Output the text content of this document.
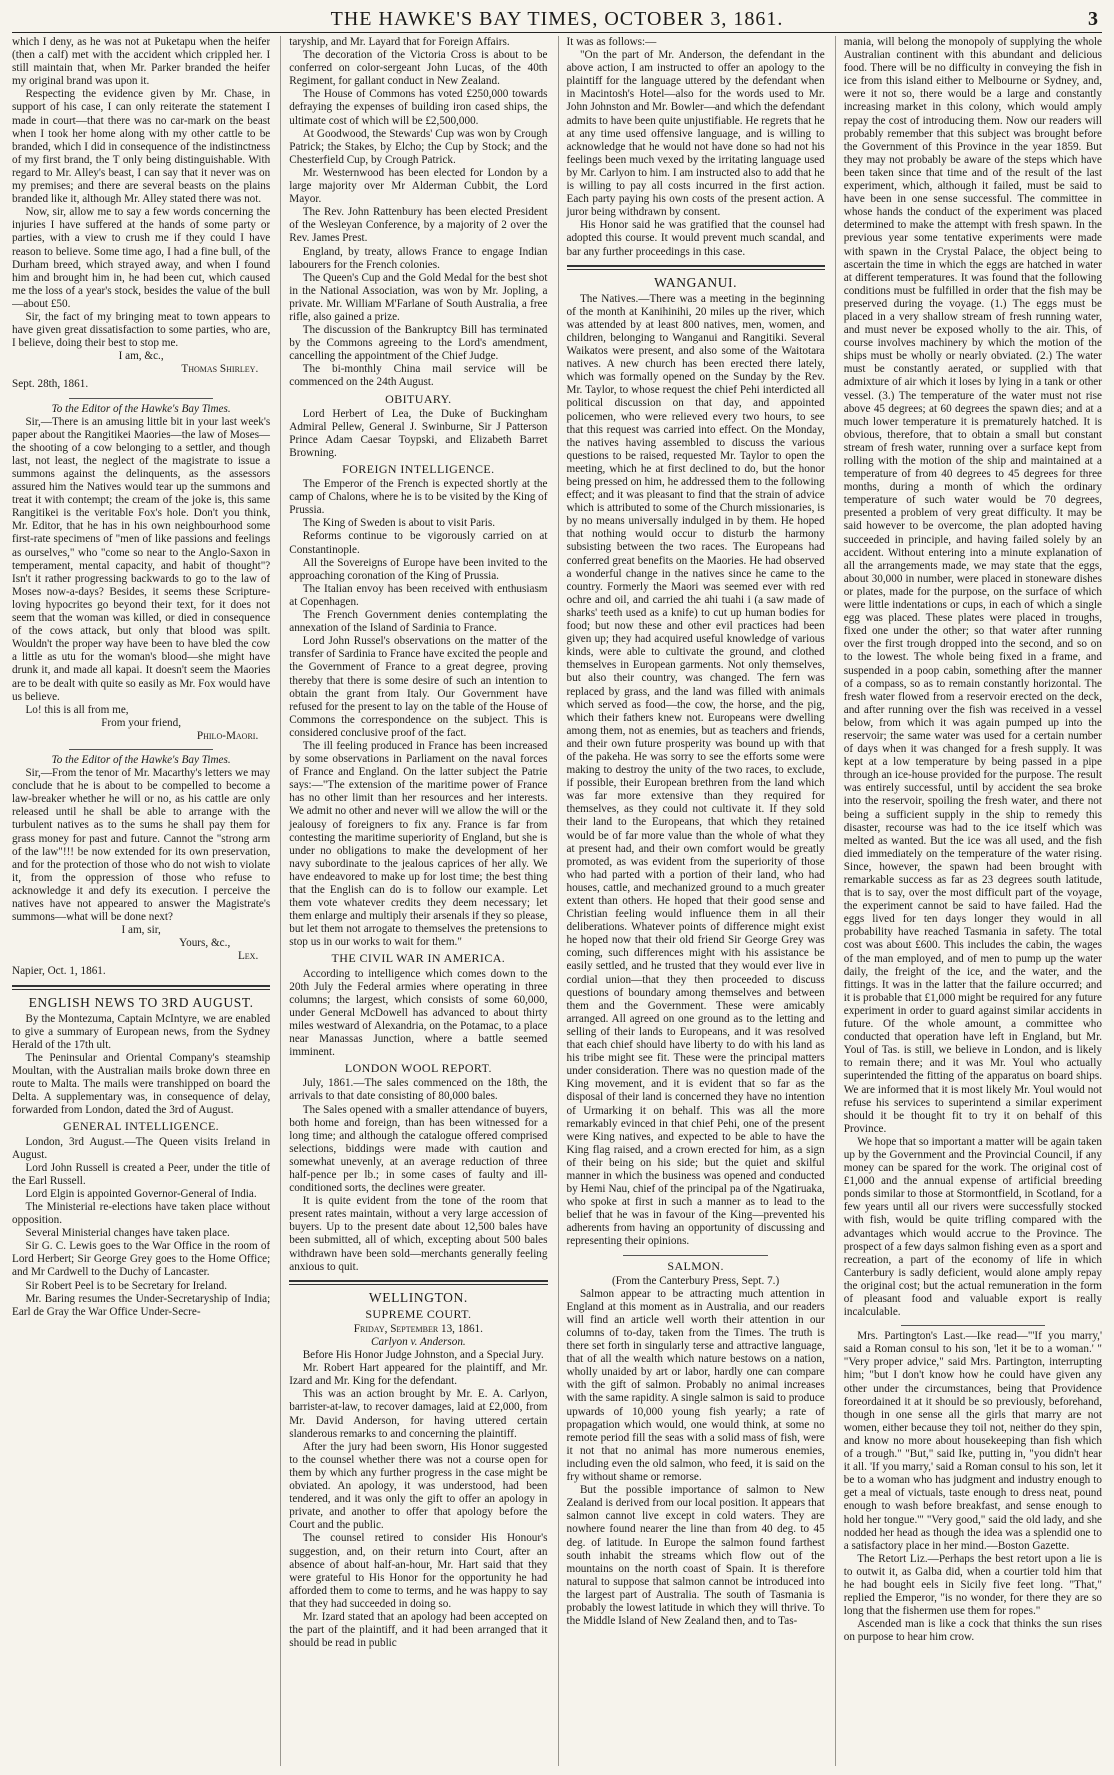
THE HAWKE'S BAY TIMES, OCTOBER 3, 1861.	3

which I deny, as he was not at Puketapu when the heifer (then a calf) met with the accident which crippled her. I still maintain that, when Mr. Parker branded the heifer my original brand was upon it.

Respecting the evidence given by Mr. Chase, in support of his case, I can only reiterate the statement I made in court—that there was no car-mark on the beast when I took her home along with my other cattle to be branded, which I did in consequence of the indistinctness of my first brand, the T only being distinguishable. With regard to Mr. Alley's beast, I can say that it never was on my premises; and there are several beasts on the plains branded like it, although Mr. Alley stated there was not.

Now, sir, allow me to say a few words concerning the injuries I have suffered at the hands of some party or parties, with a view to crush me if they could I have reason to believe. Some time ago, I had a fine bull, of the Durham breed, which strayed away, and when I found him and brought him in, he had been cut, which caused me the loss of a year's stock, besides the value of the bull—about £50.

Sir, the fact of my bringing meat to town appears to have given great dissatisfaction to some parties, who are, I believe, doing their best to stop me.

I am, &c.,

Thomas Shirley.

Sept. 28th, 1861.

To the Editor of the Hawke's Bay Times.

Sir,—There is an amusing little bit in your last week's paper about the Rangitikei Maories—the law of Moses—the shooting of a cow belonging to a settler, and though last, not least, the neglect of the magistrate to issue a summons against the delinquents, as the assessors assured him the Natives would tear up the summons and treat it with contempt; the cream of the joke is, this same Rangitikei is the veritable Fox's hole. Don't you think, Mr. Editor, that he has in his own neighbourhood some first-rate specimens of "men of like passions and feelings as ourselves," who "come so near to the Anglo-Saxon in temperament, mental capacity, and habit of thought"? Isn't it rather progressing backwards to go to the law of Moses now-a-days? Besides, it seems these Scripture-loving hypocrites go beyond their text, for it does not seem that the woman was killed, or died in consequence of the cows attack, but only that blood was spilt. Wouldn't the proper way have been to have bled the cow a little as utu for the woman's blood—she might have drunk it, and made all kapai. It doesn't seem the Maories are to be dealt with quite so easily as Mr. Fox would have us believe.

Lo! this is all from me,

From your friend,

Philo-Maori.

To the Editor of the Hawke's Bay Times.

Sir,—From the tenor of Mr. Macarthy's letters we may conclude that he is about to be compelled to become a law-breaker whether he will or no, as his cattle are only released until he shall be able to arrange with the turbulent natives as to the sums he shall pay them for grass money for past and future. Cannot the "strong arm of the law"!!! be now extended for its own preservation, and for the protection of those who do not wish to violate it, from the oppression of those who refuse to acknowledge it and defy its execution. I perceive the natives have not appeared to answer the Magistrate's summons—what will be done next?

I am, sir,

Yours, &c.,

Lex.

Napier, Oct. 1, 1861.

ENGLISH NEWS TO 3RD AUGUST.

By the Montezuma, Captain McIntyre, we are enabled to give a summary of European news, from the Sydney Herald of the 17th ult.

The Peninsular and Oriental Company's steamship Moultan, with the Australian mails broke down three en route to Malta. The mails were transhipped on board the Delta. A supplementary was, in consequence of delay, forwarded from London, dated the 3rd of August.

GENERAL INTELLIGENCE.

London, 3rd August.—The Queen visits Ireland in August.

Lord John Russell is created a Peer, under the title of the Earl Russell.

Lord Elgin is appointed Governor-General of India.

The Ministerial re-elections have taken place without opposition.

Several Ministerial changes have taken place.

Sir G. C. Lewis goes to the War Office in the room of Lord Herbert; Sir George Grey goes to the Home Office; and Mr Cardwell to the Duchy of Lancaster.

Sir Robert Peel is to be Secretary for Ireland.

Mr. Baring resumes the Under-Secretaryship of India; Earl de Gray the War Office Under-Secre-

taryship, and Mr. Layard that for Foreign Affairs.

The decoration of the Victoria Cross is about to be conferred on color-sergeant John Lucas, of the 40th Regiment, for gallant conduct in New Zealand.

The House of Commons has voted £250,000 towards defraying the expenses of building iron cased ships, the ultimate cost of which will be £2,500,000.

At Goodwood, the Stewards' Cup was won by Crough Patrick; the Stakes, by Elcho; the Cup by Stock; and the Chesterfield Cup, by Crough Patrick.

Mr. Westernwood has been elected for London by a large majority over Mr Alderman Cubbit, the Lord Mayor.

The Rev. John Rattenbury has been elected President of the Wesleyan Conference, by a majority of 2 over the Rev. James Prest.

England, by treaty, allows France to engage Indian labourers for the French colonies.

The Queen's Cup and the Gold Medal for the best shot in the National Association, was won by Mr. Jopling, a private. Mr. William M'Farlane of South Australia, a free rifle, also gained a prize.

The discussion of the Bankruptcy Bill has terminated by the Commons agreeing to the Lord's amendment, cancelling the appointment of the Chief Judge.

The bi-monthly China mail service will be commenced on the 24th August.

OBITUARY.

Lord Herbert of Lea, the Duke of Buckingham Admiral Pellew, General J. Swinburne, Sir J Patterson Prince Adam Caesar Toypski, and Elizabeth Barret Browning.

FOREIGN INTELLIGENCE.

The Emperor of the French is expected shortly at the camp of Chalons, where he is to be visited by the King of Prussia.

The King of Sweden is about to visit Paris.

Reforms continue to be vigorously carried on at Constantinople.

All the Sovereigns of Europe have been invited to the approaching coronation of the King of Prussia.

The Italian envoy has been received with enthusiasm at Copenhagen.

The French Government denies contemplating the annexation of the Island of Sardinia to France.

Lord John Russel's observations on the matter of the transfer of Sardinia to France have excited the people and the Government of France to a great degree, proving thereby that there is some desire of such an intention to obtain the grant from Italy. Our Government have refused for the present to lay on the table of the House of Commons the correspondence on the subject. This is considered conclusive proof of the fact.

The ill feeling produced in France has been increased by some observations in Parliament on the naval forces of France and England. On the latter subject the Patrie says:—"The extension of the maritime power of France has no other limit than her resources and her interests. We admit no other and never will we allow the will or the jealousy of foreigners to fix any. France is far from contesting the maritime superiority of England, but she is under no obligations to make the development of her navy subordinate to the jealous caprices of her ally. We have endeavored to make up for lost time; the best thing that the English can do is to follow our example. Let them vote whatever credits they deem necessary; let them enlarge and multiply their arsenals if they so please, but let them not arrogate to themselves the pretensions to stop us in our works to wait for them."

THE CIVIL WAR IN AMERICA.

According to intelligence which comes down to the 20th July the Federal armies where operating in three columns; the largest, which consists of some 60,000, under General McDowell has advanced to about thirty miles westward of Alexandria, on the Potamac, to a place near Manassas Junction, where a battle seemed imminent.

LONDON WOOL REPORT.

July, 1861.—The sales commenced on the 18th, the arrivals to that date consisting of 80,000 bales.

The Sales opened with a smaller attendance of buyers, both home and foreign, than has been witnessed for a long time; and although the catalogue offered comprised selections, biddings were made with caution and somewhat unevenly, at an average reduction of three half-pence per lb.; in some cases of faulty and ill-conditioned sorts, the declines were greater.

It is quite evident from the tone of the room that present rates maintain, without a very large accession of buyers. Up to the present date about 12,500 bales have been submitted, all of which, excepting about 500 bales withdrawn have been sold—merchants generally feeling anxious to quit.

WELLINGTON.

SUPREME COURT.

Friday, September 13, 1861.

Carlyon v. Anderson.

Before His Honor Judge Johnston, and a Special Jury.

Mr. Robert Hart appeared for the plaintiff, and Mr. Izard and Mr. King for the defendant.

This was an action brought by Mr. E. A. Carlyon, barrister-at-law, to recover damages, laid at £2,000, from Mr. David Anderson, for having uttered certain slanderous remarks to and concerning the plaintiff.

After the jury had been sworn, His Honor suggested to the counsel whether there was not a course open for them by which any further progress in the case might be obviated. An apology, it was understood, had been tendered, and it was only the gift to offer an apology in private, and another to offer that apology before the Court and the public.

The counsel retired to consider His Honour's suggestion, and, on their return into Court, after an absence of about half-an-hour, Mr. Hart said that they were grateful to His Honor for the opportunity he had afforded them to come to terms, and he was happy to say that they had succeeded in doing so.

Mr. Izard stated that an apology had been accepted on the part of the plaintiff, and it had been arranged that it should be read in public

It was as follows:—

"On the part of Mr. Anderson, the defendant in the above action, I am instructed to offer an apology to the plaintiff for the language uttered by the defendant when in Macintosh's Hotel—also for the words used to Mr. John Johnston and Mr. Bowler—and which the defendant admits to have been quite unjustifiable. He regrets that he at any time used offensive language, and is willing to acknowledge that he would not have done so had not his feelings been much vexed by the irritating language used by Mr. Carlyon to him. I am instructed also to add that he is willing to pay all costs incurred in the first action. Each party paying his own costs of the present action. A juror being withdrawn by consent.

His Honor said he was gratified that the counsel had adopted this course. It would prevent much scandal, and bar any further proceedings in this case.

WANGANUI.

The Natives.—There was a meeting in the beginning of the month at Kanihinihi, 20 miles up the river, which was attended by at least 800 natives, men, women, and children, belonging to Wanganui and Rangitiki. Several Waikatos were present, and also some of the Waitotara natives. A new church has been erected there lately, which was formally opened on the Sunday by the Rev. Mr. Taylor, to whose request the chief Pehi interdicted all political discussion on that day, and appointed policemen, who were relieved every two hours, to see that this request was carried into effect. On the Monday, the natives having assembled to discuss the various questions to be raised, requested Mr. Taylor to open the meeting, which he at first declined to do, but the honor being pressed on him, he addressed them to the following effect; and it was pleasant to find that the strain of advice which is attributed to some of the Church missionaries, is by no means universally indulged in by them. He hoped that nothing would occur to disturb the harmony subsisting between the two races. The Europeans had conferred great benefits on the Maories. He had observed a wonderful change in the natives since he came to the country. Formerly the Maori was seemed ever with red ochre and oil, and carried the ahi tuahi i (a saw made of sharks' teeth used as a knife) to cut up human bodies for food; but now these and other evil practices had been given up; they had acquired useful knowledge of various kinds, were able to cultivate the ground, and clothed themselves in European garments. Not only themselves, but also their country, was changed. The fern was replaced by grass, and the land was filled with animals which served as food—the cow, the horse, and the pig, which their fathers knew not. Europeans were dwelling among them, not as enemies, but as teachers and friends, and their own future prosperity was bound up with that of the pakeha. He was sorry to see the efforts some were making to destroy the unity of the two races, to exclude, if possible, their European brethren from the land which was far more extensive than they required for themselves, as they could not cultivate it. If they sold their land to the Europeans, that which they retained would be of far more value than the whole of what they at present had, and their own comfort would be greatly promoted, as was evident from the superiority of those who had parted with a portion of their land, who had houses, cattle, and mechanized ground to a much greater extent than others. He hoped that their good sense and Christian feeling would influence them in all their deliberations. Whatever points of difference might exist he hoped now that their old friend Sir George Grey was coming, such differences might with his assistance be easily settled, and he trusted that they would ever live in cordial union—that they then proceeded to discuss questions of boundary among themselves and between them and the Government. These were amicably arranged. All agreed on one ground as to the letting and selling of their lands to Europeans, and it was resolved that each chief should have liberty to do with his land as his tribe might see fit. These were the principal matters under consideration. There was no question made of the King movement, and it is evident that so far as the disposal of their land is concerned they have no intention of Urmarking it on behalf. This was all the more remarkably evinced in that chief Pehi, one of the present were King natives, and expected to be able to have the King flag raised, and a crown erected for him, as a sign of their being on his side; but the quiet and skilful manner in which the business was opened and conducted by Hemi Nau, chief of the principal pa of the Ngatiruaka, who spoke at first in such a manner as to lead to the belief that he was in favour of the King—prevented his adherents from having an opportunity of discussing and representing their opinions.

SALMON.

(From the Canterbury Press, Sept. 7.)

Salmon appear to be attracting much attention in England at this moment as in Australia, and our readers will find an article well worth their attention in our columns of to-day, taken from the Times. The truth is there set forth in singularly terse and attractive language, that of all the wealth which nature bestows on a nation, wholly unaided by art or labor, hardly one can compare with the gift of salmon. Probably no animal increases with the same rapidity. A single salmon is said to produce upwards of 10,000 young fish yearly; a rate of propagation which would, one would think, at some no remote period fill the seas with a solid mass of fish, were it not that no animal has more numerous enemies, including even the old salmon, who feed, it is said on the fry without shame or remorse.

But the possible importance of salmon to New Zealand is derived from our local position. It appears that salmon cannot live except in cold waters. They are nowhere found nearer the line than from 40 deg. to 45 deg. of latitude. In Europe the salmon found farthest south inhabit the streams which flow out of the mountains on the north coast of Spain. It is therefore natural to suppose that salmon cannot be introduced into the largest part of Australia. The south of Tasmania is probably the lowest latitude in which they will thrive. To the Middle Island of New Zealand then, and to Tas-

mania, will belong the monopoly of supplying the whole Australian continent with this abundant and delicious food. There will be no difficulty in conveying the fish in ice from this island either to Melbourne or Sydney, and, were it not so, there would be a large and constantly increasing market in this colony, which would amply repay the cost of introducing them. Now our readers will probably remember that this subject was brought before the Government of this Province in the year 1859. But they may not probably be aware of the steps which have been taken since that time and of the result of the last experiment, which, although it failed, must be said to have been in one sense successful. The committee in whose hands the conduct of the experiment was placed determined to make the attempt with fresh spawn. In the previous year some tentative experiments were made with spawn in the Crystal Palace, the object being to ascertain the time in which the eggs are hatched in water at different temperatures. It was found that the following conditions must be fulfilled in order that the fish may be preserved during the voyage. (1.) The eggs must be placed in a very shallow stream of fresh running water, and must never be exposed wholly to the air. This, of course involves machinery by which the motion of the ships must be wholly or nearly obviated. (2.) The water must be constantly aerated, or supplied with that admixture of air which it loses by lying in a tank or other vessel. (3.) The temperature of the water must not rise above 45 degrees; at 60 degrees the spawn dies; and at a much lower temperature it is prematurely hatched. It is obvious, therefore, that to obtain a small but constant stream of fresh water, running over a surface kept from rolling with the motion of the ship and maintained at a temperature of from 40 degrees to 45 degrees for three months, during a month of which the ordinary temperature of such water would be 70 degrees, presented a problem of very great difficulty. It may be said however to be overcome, the plan adopted having succeeded in principle, and having failed solely by an accident. Without entering into a minute explanation of all the arrangements made, we may state that the eggs, about 30,000 in number, were placed in stoneware dishes or plates, made for the purpose, on the surface of which were little indentations or cups, in each of which a single egg was placed. These plates were placed in troughs, fixed one under the other; so that water after running over the first trough dropped into the second, and so on to the lowest. The whole being fixed in a frame, and suspended in a poop cabin, something after the manner of a compass, so as to remain constantly horizontal. The fresh water flowed from a reservoir erected on the deck, and after running over the fish was received in a vessel below, from which it was again pumped up into the reservoir; the same water was used for a certain number of days when it was changed for a fresh supply. It was kept at a low temperature by being passed in a pipe through an ice-house provided for the purpose. The result was entirely successful, until by accident the sea broke into the reservoir, spoiling the fresh water, and there not being a sufficient supply in the ship to remedy this disaster, recourse was had to the ice itself which was melted as wanted. But the ice was all used, and the fish died immediately on the temperature of the water rising. Since, however, the spawn had been brought with remarkable success as far as 23 degrees south latitude, that is to say, over the most difficult part of the voyage, the experiment cannot be said to have failed. Had the eggs lived for ten days longer they would in all probability have reached Tasmania in safety. The total cost was about £600. This includes the cabin, the wages of the man employed, and of men to pump up the water daily, the freight of the ice, and the water, and the fittings. It was in the latter that the failure occurred; and it is probable that £1,000 might be required for any future experiment in order to guard against similar accidents in future. Of the whole amount, a committee who conducted that operation have left in England, but Mr. Youl of Tas. is still, we believe in London, and is likely to remain there; and it was Mr. Youl who actually superintended the fitting of the apparatus on board ships. We are informed that it is most likely Mr. Youl would not refuse his services to superintend a similar experiment should it be thought fit to try it on behalf of this Province.

We hope that so important a matter will be again taken up by the Government and the Provincial Council, if any money can be spared for the work. The original cost of £1,000 and the annual expense of artificial breeding ponds similar to those at Stormontfield, in Scotland, for a few years until all our rivers were successfully stocked with fish, would be quite trifling compared with the advantages which would accrue to the Province. The prospect of a few days salmon fishing even as a sport and recreation, a part of the economy of life in which Canterbury is sadly deficient, would alone amply repay the original cost; but the actual remuneration in the form of pleasant food and valuable export is really incalculable.

Mrs. Partington's Last.—Ike read—"'If you marry,' said a Roman consul to his son, 'let it be to a woman.' " "Very proper advice," said Mrs. Partington, interrupting him; "but I don't know how he could have given any other under the circumstances, being that Providence foreordained it at it should be so previously, beforehand, though in one sense all the girls that marry are not women, either because they toil not, neither do they spin, and know no more about housekeeping than fish which of a trough." "But," said Ike, putting in, "you didn't hear it all. 'If you marry,' said a Roman consul to his son, let it be to a woman who has judgment and industry enough to get a meal of victuals, taste enough to dress neat, pound enough to wash before breakfast, and sense enough to hold her tongue.'" "Very good," said the old lady, and she nodded her head as though the idea was a splendid one to a satisfactory place in her mind.—Boston Gazette.

The Retort Liz.—Perhaps the best retort upon a lie is to outwit it, as Galba did, when a courtier told him that he had bought eels in Sicily five feet long. "That," replied the Emperor, "is no wonder, for there they are so long that the fishermen use them for ropes."

Ascended man is like a cock that thinks the sun rises on purpose to hear him crow.
